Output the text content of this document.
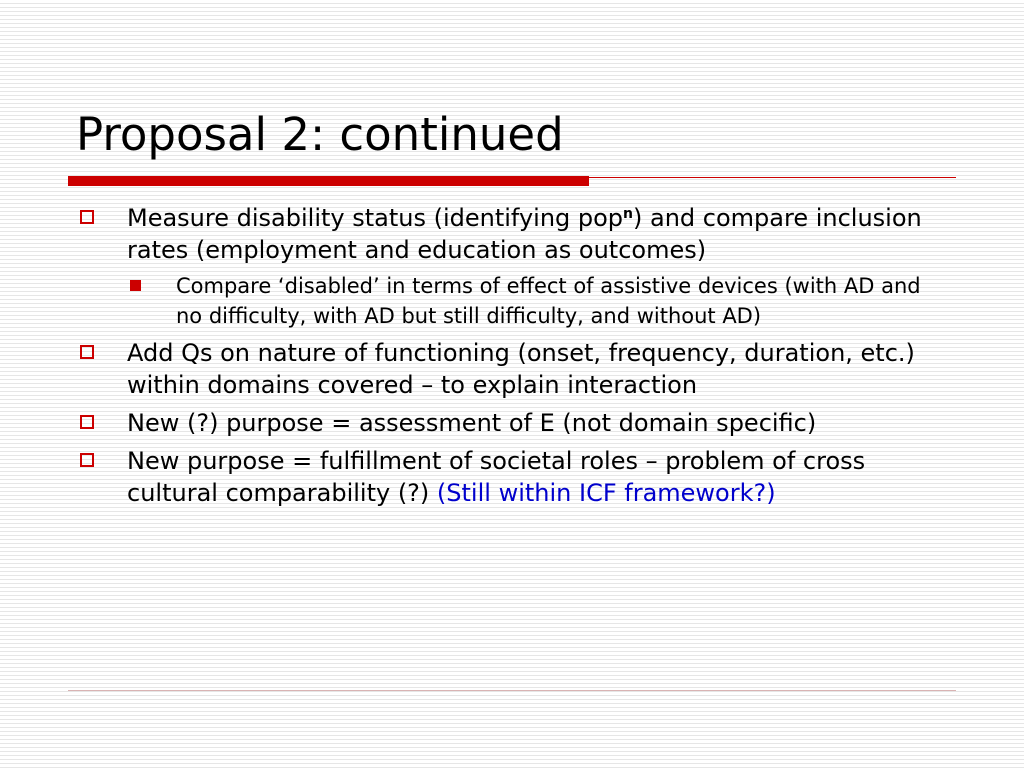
Proposal 2: continued
Measure disability status (identifying pop$^n$) and compare inclusion rates (employment and education as outcomes)
Compare ‘disabled’ in terms of effect of assistive devices (with AD and no difficulty, with AD but still difficulty, and without AD)
Add Qs on nature of functioning (onset, frequency, duration, etc.) within domains covered – to explain interaction
New (?) purpose = assessment of E (not domain specific)
New purpose = fulfillment of societal roles – problem of cross cultural comparability (?) (Still within ICF framework?)
